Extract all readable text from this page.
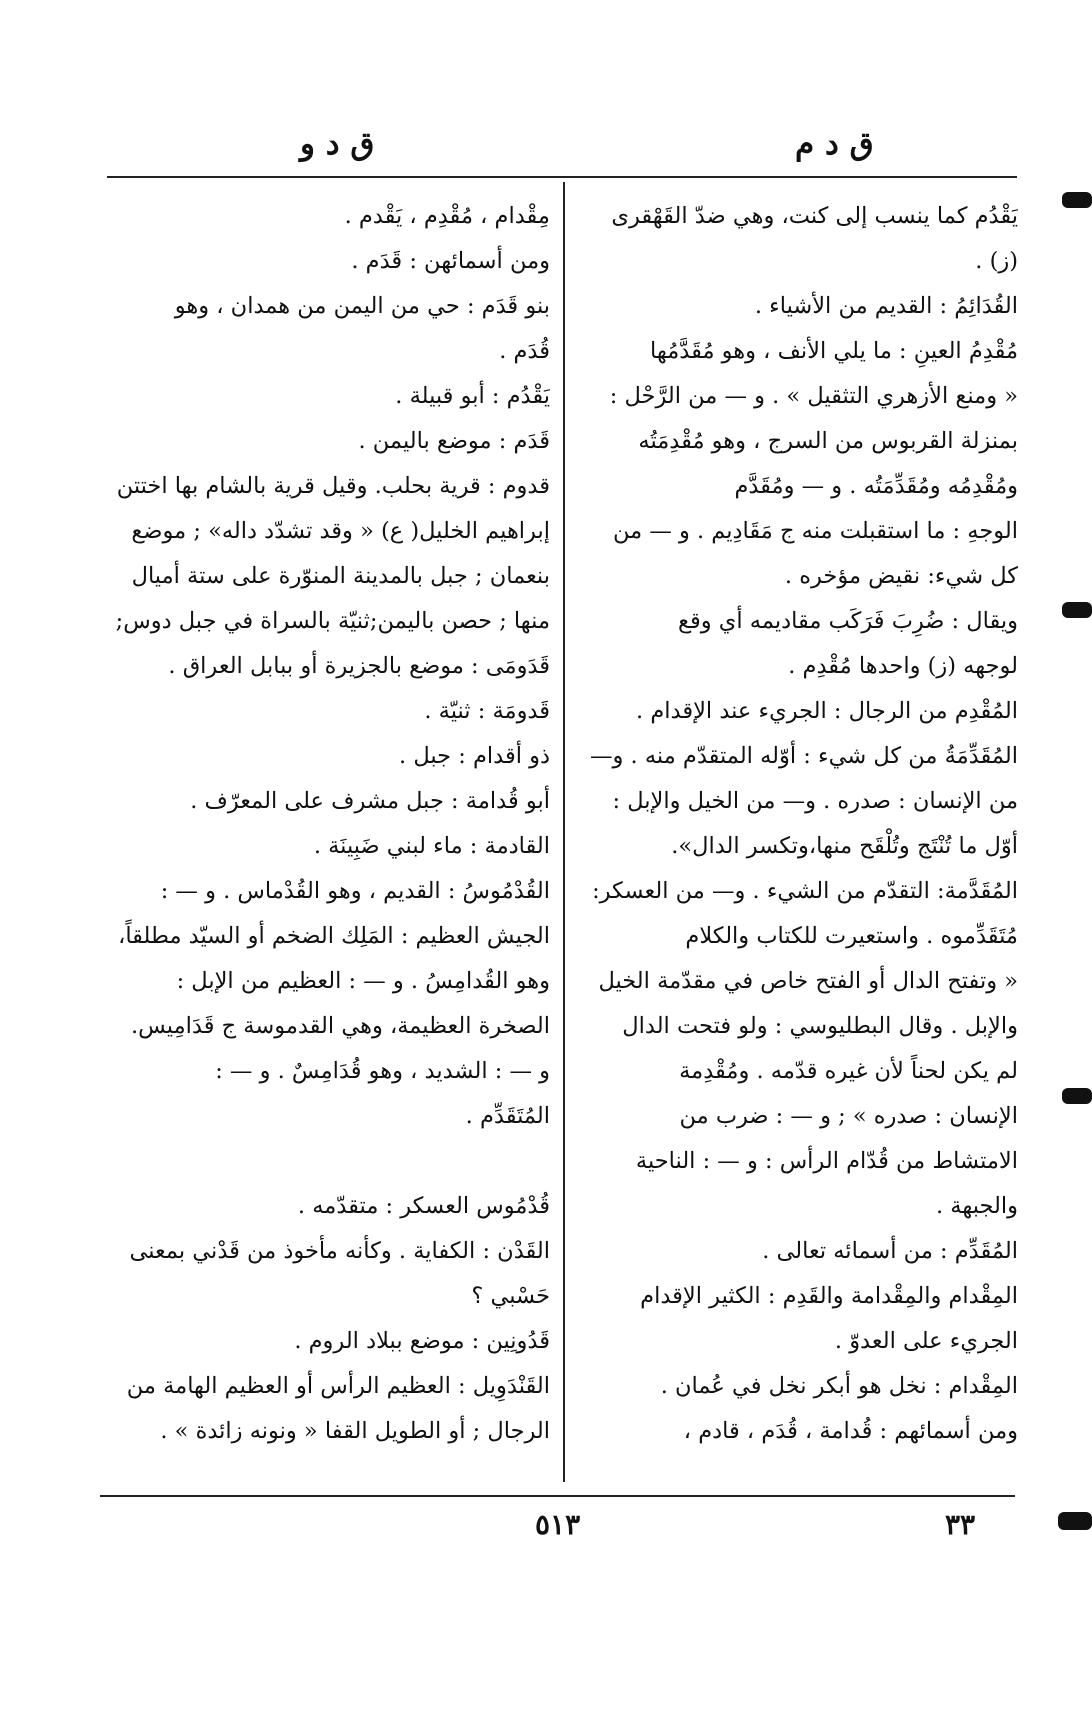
ق د م
ق د و
يَقْدُم كما ينسب إلى كنت، وهي ضدّ القَهْقرى
(ز) .
القُدَائِمُ : القديم من الأشياء .
مُقْدِمُ العينِ : ما يلي الأنف ، وهو مُقَدَّمُها
« ومنع الأزهري التثقيل » . و — من الرَّحْل :
بمنزلة القربوس من السرج ، وهو مُقْدِمَتُه
ومُقْدِمُه ومُقَدِّمَتُه . و — ومُقَدَّم
الوجهِ : ما استقبلت منه ج مَقَادِيم . و — من
كل شيء: نقيض مؤخره .
ويقال : ضُرِبَ فَرَكَب مقاديمه أي وقع
لوجهه (ز) واحدها مُقْدِم .
المُقْدِم من الرجال : الجريء عند الإقدام .
المُقَدِّمَةُ من كل شيء : أوّله المتقدّم منه . و—
من الإنسان : صدره . و— من الخيل والإبل :
أوّل ما تُنْتَج وتُلْقَح منها،وتكسر الدال».
المُقَدَّمة: التقدّم من الشيء . و— من العسكر:
مُتَقَدِّموه . واستعيرت للكتاب والكلام
« وتفتح الدال أو الفتح خاص في مقدّمة الخيل
والإبل . وقال البطليوسي : ولو فتحت الدال
لم يكن لحناً لأن غيره قدّمه . ومُقْدِمة
الإنسان : صدره » ; و — : ضرب من
الامتشاط من قُدّام الرأس : و — : الناحية
والجبهة .
المُقَدِّم : من أسمائه تعالى .
المِقْدام والمِقْدامة والقَدِم : الكثير الإقدام
الجريء على العدوّ .
المِقْدام : نخل هو أبكر نخل في عُمان .
ومن أسمائهم : قُدامة ، قُدَم ، قادم ،
مِقْدام ، مُقْدِم ، يَقْدم .
ومن أسمائهن : قَدَم .
بنو قَدَم : حي من اليمن من همدان ، وهو
قُدَم .
يَقْدُم : أبو قبيلة .
قَدَم : موضع باليمن .
قدوم : قرية بحلب. وقيل قرية بالشام بها اختتن
إبراهيم الخليل( ع) « وقد تشدّد داله» ; موضع
بنعمان ; جبل بالمدينة المنوّرة على ستة أميال
منها ; حصن باليمن;ثنيّة بالسراة في جبل دوس;
قَدَومَى : موضع بالجزيرة أو ببابل العراق .
قَدومَة : ثنيّة .
ذو أقدام : جبل .
أبو قُدامة : جبل مشرف على المعرّف .
القادمة : ماء لبني ضَبِينَة .
القُدْمُوسُ : القديم ، وهو القُدْماس . و — :
الجيش العظيم : المَلِك الضخم أو السيّد مطلقاً،
وهو القُدامِسُ . و — : العظيم من الإبل :
الصخرة العظيمة، وهي القدموسة ج قَدَامِيس.
و — : الشديد ، وهو قُدَامِسٌ . و — :
المُتَقَدِّم .
قُدْمُوس العسكر : متقدّمه .
القَدْن : الكفاية . وكأنه مأخوذ من قَدْني بمعنى
حَسْبي ؟
قَدُونِين : موضع ببلاد الروم .
القَنْدَوِيل : العظيم الرأس أو العظيم الهامة من
الرجال ; أو الطويل القفا « ونونه زائدة » .
٣٣
٥١٣
